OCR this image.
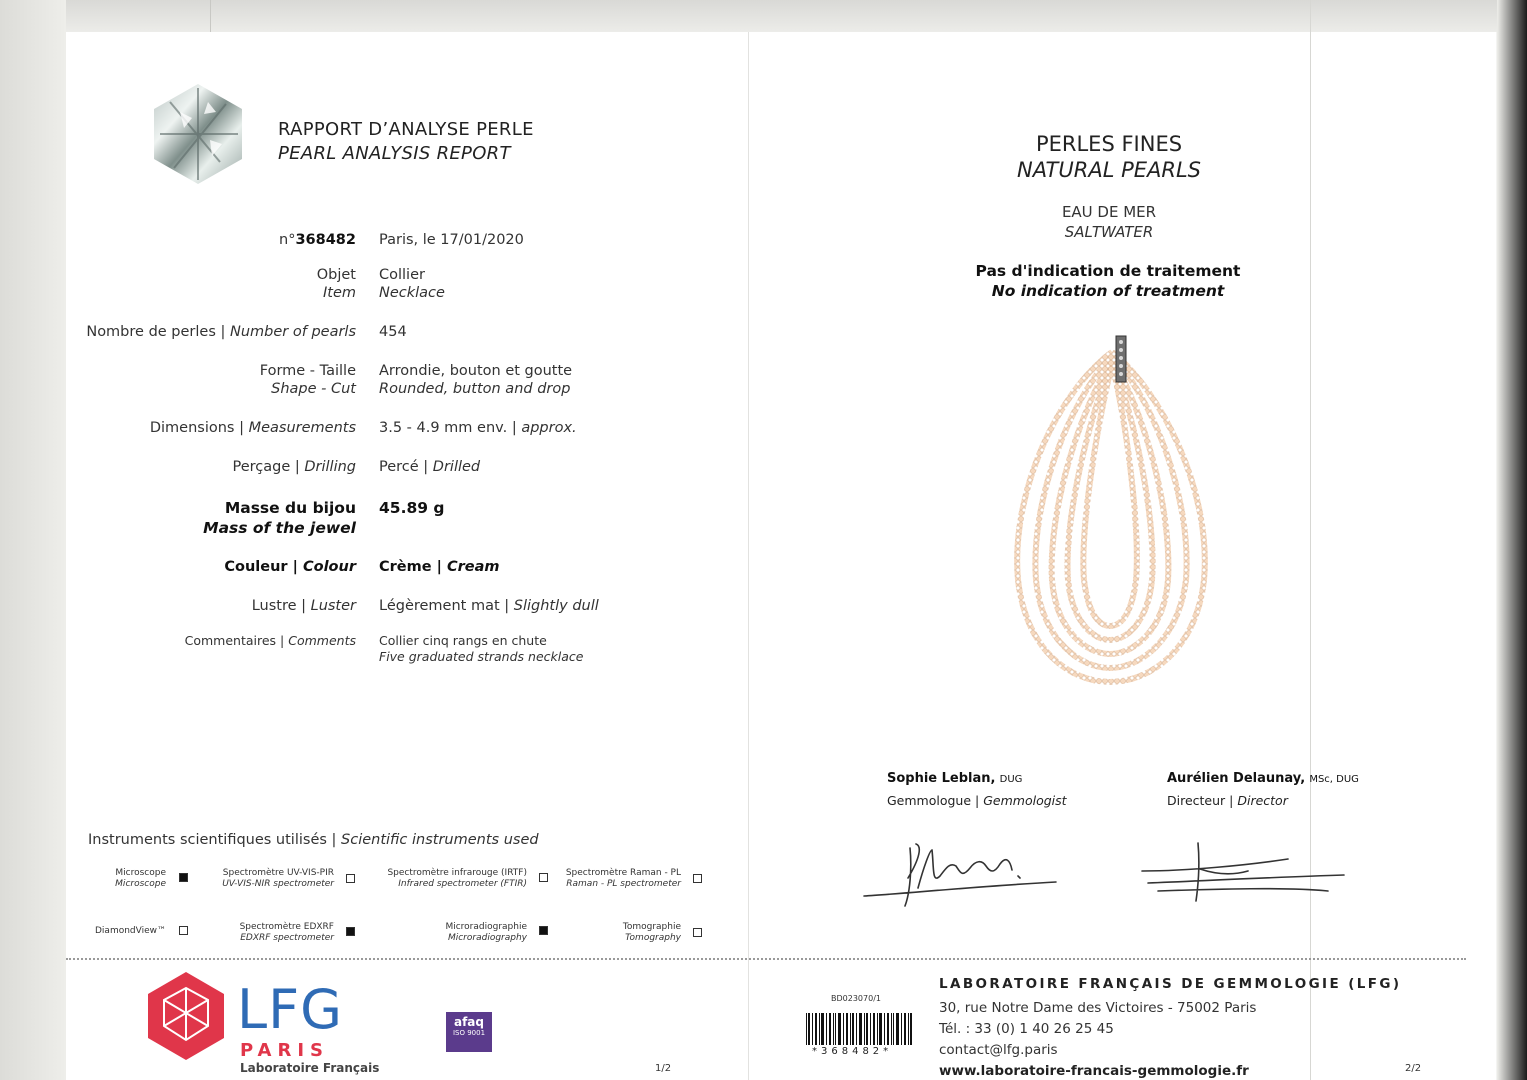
RAPPORT D’ANALYSE PERLE
PEARL ANALYSIS REPORT
n°368482 Paris, le 17/01/2020
Objet
Item
Collier
Necklace
Nombre de perles | Number of pearls 454
Forme - Taille
Shape - Cut
Arrondie, bouton et goutte
Rounded, button and drop
Dimensions | Measurements 3.5 - 4.9 mm env. | approx.
Perçage | Drilling Percé | Drilled
Masse du bijou
Mass of the jewel
45.89 g
Couleur | Colour Crème | Cream
Lustre | Luster Légèrement mat | Slightly dull
Commentaires | Comments Collier cinq rangs en chute
Five graduated strands necklace
Instruments scientifiques utilisés | Scientific instruments used
Microscope
Microscope
Spectromètre UV-VIS-PIR
UV-VIS-NIR spectrometer
Spectromètre infrarouge (IRTF)
Infrared spectrometer (FTIR)
Spectromètre Raman - PL
Raman - PL spectrometer
DiamondView™	Spectromètre EDXRF
EDXRF spectrometer
Microradiographie
Microradiography
Tomographie
Tomography
PERLES FINES
NATURAL PEARLS
EAU DE MER
SALTWATER
Pas d'indication de traitement
No indication of treatment
Sophie Leblan, DUG
Gemmologue | Gemmologist
Aurélien Delaunay, MSc, DUG
Directeur | Director
LFG
PARIS
Laboratoire Français
afaq
ISO 9001
1/2
BD023070/1
*368482*
LABORATOIRE FRANÇAIS DE GEMMOLOGIE (LFG)
30, rue Notre Dame des Victoires - 75002 Paris
Tél. : 33 (0) 1 40 26 25 45
contact@lfg.paris
www.laboratoire-francais-gemmologie.fr	2/2
